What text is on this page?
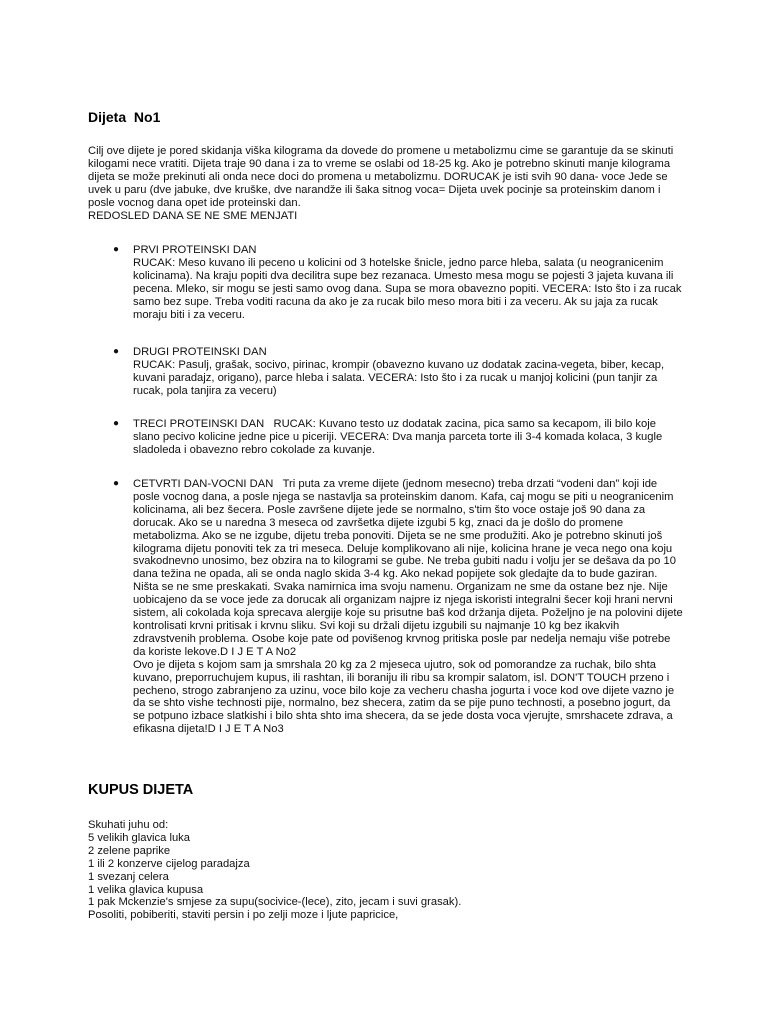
Dijeta  No1
Cilj ove dijete je pored skidanja viška kilograma da dovede do promene u metabolizmu cime se garantuje da se skinuti kilogami nece vratiti. Dijeta traje 90 dana i za to vreme se oslabi od 18-25 kg. Ako je potrebno skinuti manje kilograma dijeta se može prekinuti ali onda nece doci do promena u metabolizmu. DORUCAK je isti svih 90 dana- voce Jede se uvek u paru (dve jabuke, dve kruške, dve narandže ili šaka sitnog voca= Dijeta uvek pocinje sa proteinskim danom i posle vocnog dana opet ide proteinski dan.
REDOSLED DANA SE NE SME MENJATI
● PRVI PROTEINSKI DAN
RUCAK: Meso kuvano ili peceno u kolicini od 3 hotelske šnicle, jedno parce hleba, salata (u neogranicenim kolicinama). Na kraju popiti dva decilitra supe bez rezanaca. Umesto mesa mogu se pojesti 3 jajeta kuvana ili pecena. Mleko, sir mogu se jesti samo ovog dana. Supa se mora obavezno popiti. VECERA: Isto što i za rucak samo bez supe. Treba voditi racuna da ako je za rucak bilo meso mora biti i za veceru. Ak su jaja za rucak moraju biti i za veceru.
● DRUGI PROTEINSKI DAN
RUCAK: Pasulj, grašak, socivo, pirinac, krompir (obavezno kuvano uz dodatak zacina-vegeta, biber, kecap, kuvani paradajz, origano), parce hleba i salata. VECERA: Isto što i za rucak u manjoj kolicini (pun tanjir za rucak, pola tanjira za veceru)
● TRECI PROTEINSKI DAN RUCAK: Kuvano testo uz dodatak zacina, pica samo sa kecapom, ili bilo koje slano pecivo kolicine jedne pice u piceriji. VECERA: Dva manja parceta torte ili 3-4 komada kolaca, 3 kugle sladoleda i obavezno rebro cokolade za kuvanje.
● CETVRTI DAN-VOCNI DAN Tri puta za vreme dijete (jednom mesecno) treba drzati “vodeni dan” koji ide posle vocnog dana, a posle njega se nastavlja sa proteinskim danom. Kafa, caj mogu se piti u neogranicenim kolicinama, ali bez šecera. Posle završene dijete jede se normalno, s'tim što voce ostaje još 90 dana za dorucak. Ako se u narednа 3 meseca od završetka dijete izgubi 5 kg, znaci da je došlo do promene metabolizma. Ako se ne izgube, dijetu treba ponoviti. Dijeta se ne sme produžiti. Ako je potrebno skinuti još kilograma dijetu ponoviti tek za tri meseca. Deluje komplikovano ali nije, kolicina hrane je veca nego ona koju svakodnevno unosimo, bez obzira na to kilogrami se gube. Ne treba gubiti nadu i volju jer se dešava da po 10 dana težina ne opada, ali se onda naglo skida 3-4 kg. Ako nekad popijete sok gledajte da to bude gaziran. Ništa se ne sme preskakati. Svaka namirnica ima svoju namenu. Organizam ne sme da ostane bez nje. Nije uobicajeno da se voce jede za dorucak ali organizam najpre iz njega iskoristi integralni šecer koji hrani nervni sistem, ali cokolada koja sprecava alergije koje su prisutne baš kod držanja dijeta. Poželjno je na polovini dijete kontrolisati krvni pritisak i krvnu sliku. Svi koji su držali dijetu izgubili su najmanje 10 kg bez ikakvih zdravstvenih problema. Osobe koje pate od povišenog krvnog pritiska posle par nedelja nemaju više potrebe da koriste lekove.D I J E T A No2
Ovo je dijeta s kojom sam ja smrshala 20 kg za 2 mjeseca ujutro, sok od pomorandze za ruchak, bilo shta kuvano, preporruchujem kupus, ili rashtan, ili boraniju ili ribu sa krompir salatom, isl. DON'T TOUCH przeno i pecheno, strogo zabranjeno za uzinu, voce bilo koje za vecheru chasha jogurta i voce kod ove dijete vazno je da se shto vishe technosti pije, normalno, bez shecera, zatim da se pije puno technosti, a posebno jogurt, da se potpuno izbace slatkishi i bilo shta shto ima shecera, da se jede dosta voca vjerujte, smrshacete zdrava, a efikasna dijeta!D I J E T A No3
KUPUS DIJETA
Skuhati juhu od:
5 velikih glavica luka
2 zelene paprike
1 ili 2 konzerve cijelog paradajza
1 svezanj celera
1 velika glavica kupusa
1 pak Mckenzie's smjese za supu(socivice-(lece), zito, jecam i suvi grasak).
Posoliti, pobiberiti, staviti persin i po zelji moze i ljute papricice,
